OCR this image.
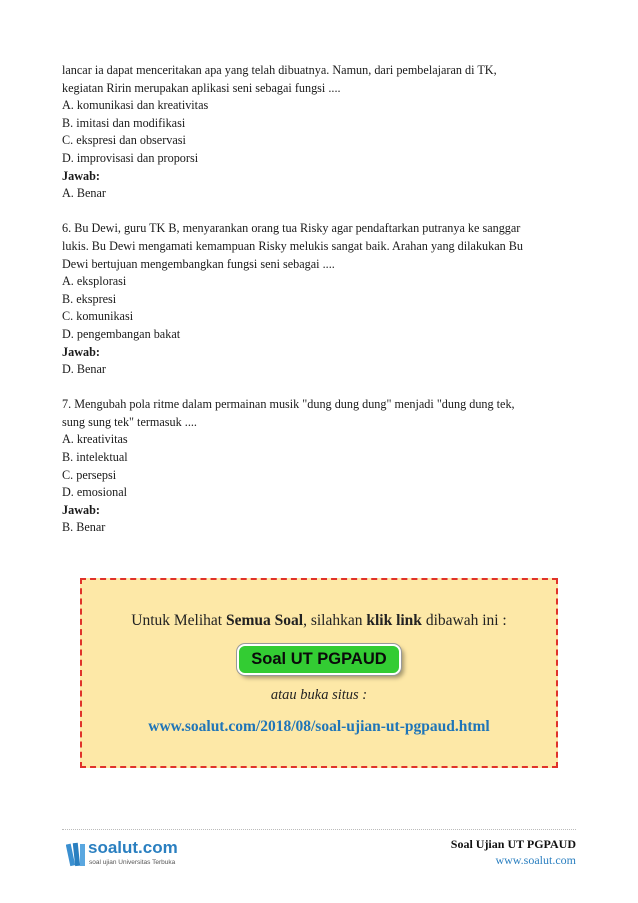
lancar ia dapat menceritakan apa yang telah dibuatnya. Namun, dari pembelajaran di TK,
kegiatan Ririn merupakan aplikasi seni sebagai fungsi ....
A. komunikasi dan kreativitas
B. imitasi dan modifikasi
C. ekspresi dan observasi
D. improvisasi dan proporsi
Jawab:
A. Benar
6. Bu Dewi, guru TK B, menyarankan orang tua Risky agar pendaftarkan putranya ke sanggar
lukis. Bu Dewi mengamati kemampuan Risky melukis sangat baik. Arahan yang dilakukan Bu
Dewi bertujuan mengembangkan fungsi seni sebagai ....
A. eksplorasi
B. ekspresi
C. komunikasi
D. pengembangan bakat
Jawab:
D. Benar
7. Mengubah pola ritme dalam permainan musik "dung dung dung" menjadi "dung dung tek,
sung sung tek" termasuk ....
A. kreativitas
B. intelektual
C. persepsi
D. emosional
Jawab:
B. Benar
Untuk Melihat Semua Soal, silahkan klik link dibawah ini :
Soal UT PGPAUD
atau buka situs :
www.soalut.com/2018/08/soal-ujian-ut-pgpaud.html
soalut.com
soal ujian Universitas Terbuka
Soal Ujian UT PGPAUD
www.soalut.com
